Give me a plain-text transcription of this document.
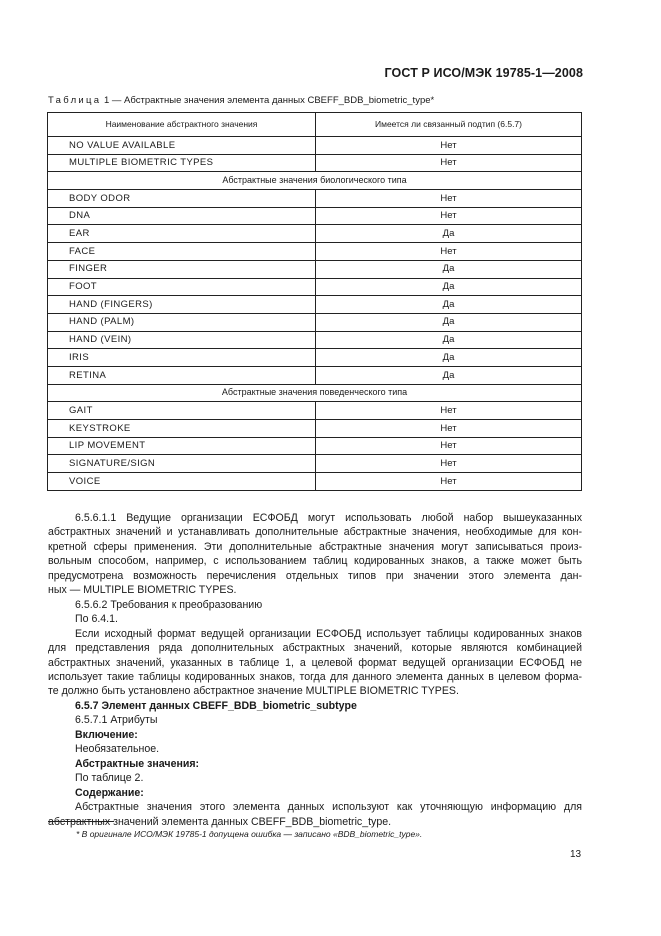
ГОСТ Р ИСО/МЭК 19785-1—2008
Таблица 1 — Абстрактные значения элемента данных CBEFF_BDB_biometric_type*
Наименование абстрактного значения	Имеется ли связанный подтип (6.5.7)
NO VALUE AVAILABLE	Нет
MULTIPLE BIOMETRIC TYPES	Нет
Абстрактные значения биологического типа	
BODY ODOR	Нет
DNA	Нет
EAR	Да
FACE	Нет
FINGER	Да
FOOT	Да
HAND (FINGERS)	Да
HAND (PALM)	Да
HAND (VEIN)	Да
IRIS	Да
RETINA	Да
Абстрактные значения поведенческого типа	
GAIT	Нет
KEYSTROKE	Нет
LIP MOVEMENT	Нет
SIGNATURE/SIGN	Нет
VOICE	Нет

6.5.6.1.1 Ведущие организации ЕСФОБД могут использовать любой набор вышеуказанных абстрактных значений и устанавливать дополнительные абстрактные значения, необходимые для кон- кретной сферы применения. Эти дополнительные абстрактные значения могут записываться произ- вольным способом, например, с использованием таблиц кодированных знаков, а также может быть предусмотрена возможность перечисления отдельных типов при значении этого элемента дан-

ных — MULTIPLE BIOMETRIC TYPES.

6.5.6.2 Требования к преобразованию

По 6.4.1.

Если исходный формат ведущей организации ЕСФОБД использует таблицы кодированных знаков для представления ряда дополнительных абстрактных значений, которые являются комбинацией абстрактных значений, указанных в таблице 1, а целевой формат ведущей организации ЕСФОБД не использует такие таблицы кодированных знаков, тогда для данного элемента данных в целевом форма-

те должно быть установлено абстрактное значение MULTIPLE BIOMETRIC TYPES.

6.5.7 Элемент данных CBEFF_BDB_biometric_subtype

6.5.7.1 Атрибуты

Включение:

Необязательное.

Абстрактные значения:

По таблице 2.

Содержание:

Абстрактные значения этого элемента данных используют как уточняющую информацию для

абстрактных значений элемента данных CBEFF_BDB_biometric_type.

* В оригинале ИСО/МЭК 19785-1 допущена ошибка — записано «BDB_biometric_type».
13
